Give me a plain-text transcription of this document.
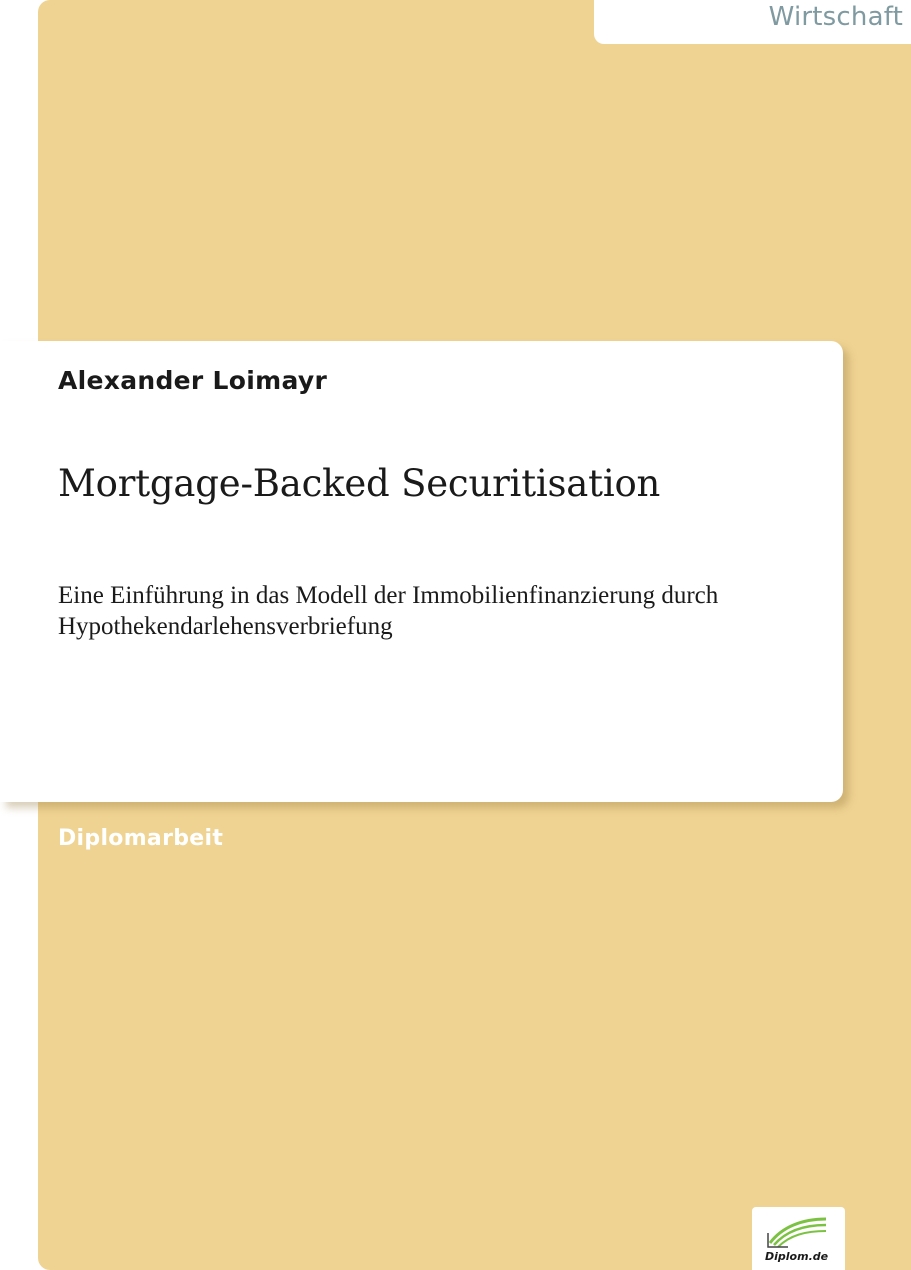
Wirtschaft
Alexander Loimayr
Mortgage-Backed Securitisation
Eine Einführung in das Modell der Immobilienfinanzierung durch Hypothekendarlehensverbriefung
Diplomarbeit
Diplom.de
